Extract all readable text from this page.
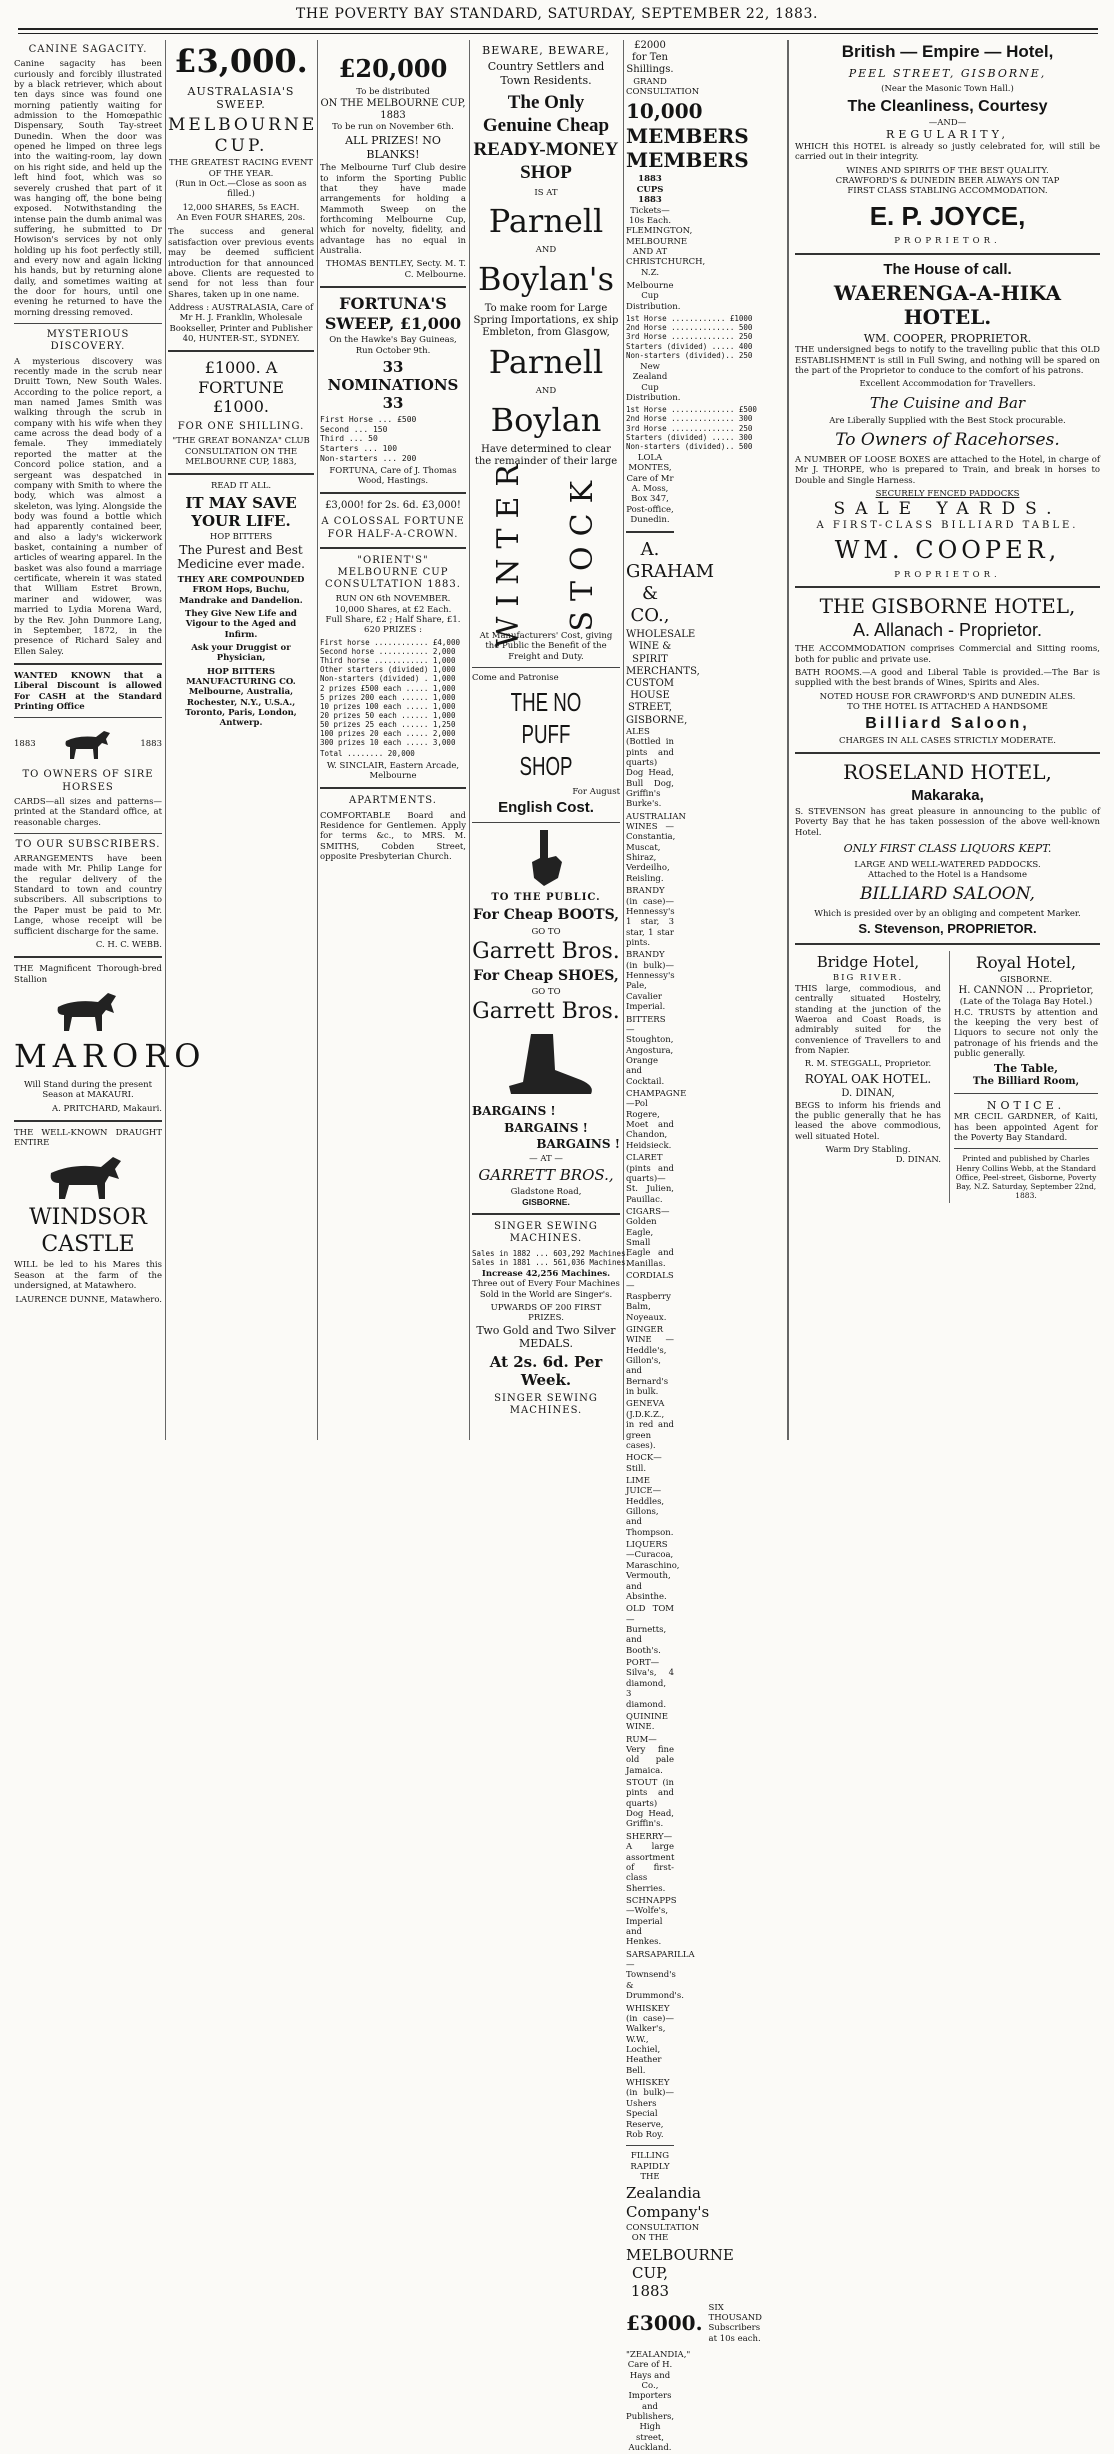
THE POVERTY BAY STANDARD, SATURDAY, SEPTEMBER 22, 1883.
CANINE SAGACITY.

Canine sagacity has been curiously and forcibly illustrated by a black retriever, which about ten days since was found one morning patiently waiting for admission to the Homœpathic Dispensary, South Tay-street Dunedin. When the door was opened he limped on three legs into the waiting-room, lay down on his right side, and held up the left hind foot, which was so severely crushed that part of it was hanging off, the bone being exposed. Notwithstanding the intense pain the dumb animal was suffering, he submitted to Dr Howison's services by not only holding up his foot perfectly still, and every now and again licking his hands, but by returning alone daily, and sometimes waiting at the door for hours, until one evening he returned to have the morning dressing removed.

MYSTERIOUS DISCOVERY.

A mysterious discovery was recently made in the scrub near Druitt Town, New South Wales. According to the police report, a man named James Smith was walking through the scrub in company with his wife when they came across the dead body of a female. They immediately reported the matter at the Concord police station, and a sergeant was despatched in company with Smith to where the body, which was almost a skeleton, was lying. Alongside the body was found a bottle which had apparently contained beer, and also a lady's wickerwork basket, containing a number of articles of wearing apparel. In the basket was also found a marriage certificate, wherein it was stated that William Estret Brown, mariner and widower, was married to Lydia Morena Ward, by the Rev. John Dunmore Lang, in September, 1872, in the presence of Richard Saley and Ellen Saley.

WANTED KNOWN that a Liberal Discount is allowed For CASH at the Standard Printing Office

1883	1883
TO OWNERS OF SIRE HORSES

CARDS—all sizes and patterns—printed at the Standard office, at reasonable charges.

TO OUR SUBSCRIBERS.

ARRANGEMENTS have been made with Mr. Philip Lange for the regular delivery of the Standard to town and country subscribers. All subscriptions to the Paper must be paid to Mr. Lange, whose receipt will be sufficient discharge for the same.

C. H. C. WEBB.

THE Magnificent Thorough-bred Stallion

MARORO

Will Stand during the present Season at MAKAURI.

A. PRITCHARD, Makauri.

THE WELL-KNOWN DRAUGHT ENTIRE

WINDSOR CASTLE

WILL be led to his Mares this Season at the farm of the undersigned, at Matawhero.

LAURENCE DUNNE, Matawhero.
£3,000.
AUSTRALASIA'S SWEEP.
MELBOURNE CUP.
THE GREATEST RACING EVENT OF THE YEAR.
(Run in Oct.—Close as soon as filled.)
12,000 SHARES, 5s EACH.
An Even FOUR SHARES, 20s.

The success and general satisfaction over previous events may be deemed sufficient introduction for that announced above. Clients are requested to send for not less than four Shares, taken up in one name.

Address : AUSTRALASIA, Care of Mr H. J. Franklin, Wholesale Bookseller, Printer and Publisher 40, HUNTER-ST., SYDNEY.

£1000. A FORTUNE £1000.
FOR ONE SHILLING.

"THE GREAT BONANZA" CLUB CONSULTATION ON THE MELBOURNE CUP, 1883,

READ IT ALL.
IT MAY SAVE YOUR LIFE.
HOP BITTERS
The Purest and Best Medicine ever made.
THEY ARE COMPOUNDED FROM Hops, Buchu, Mandrake and Dandelion.
They Give New Life and Vigour to the Aged and Infirm.
Ask your Druggist or Physician,
HOP BITTERS MANUFACTURING CO. Melbourne, Australia, Rochester, N.Y., U.S.A., Toronto, Paris, London, Antwerp.
£20,000
To be distributed
ON THE MELBOURNE CUP, 1883
To be run on November 6th.
ALL PRIZES! NO BLANKS!

The Melbourne Turf Club desire to inform the Sporting Public that they have made arrangements for holding a Mammoth Sweep on the forthcoming Melbourne Cup, which for novelty, fidelity, and advantage has no equal in Australia.

THOMAS BENTLEY, Secty. M. T. C. Melbourne.
FORTUNA'S SWEEP, £1,000
On the Hawke's Bay Guineas, Run October 9th.
33 NOMINATIONS 33
First Horse ... £500
Second ... 150
Third ... 50
Starters ... 100
Non-starters ... 200
FORTUNA, Care of J. Thomas Wood, Hastings.
£3,000! for 2s. 6d. £3,000!
A COLOSSAL FORTUNE FOR HALF-A-CROWN.
"ORIENT'S" MELBOURNE CUP CONSULTATION 1883.
RUN ON 6th NOVEMBER.
10,000 Shares, at £2 Each.
Full Share, £2 ; Half Share, £1.
620 PRIZES :
First horse ............ £4,000
Second horse ........... 2,000
Third horse ............ 1,000
Other starters (divided) 1,000
Non-starters (divided) . 1,000
2 prizes £500 each ..... 1,000
5 prizes 200 each ...... 1,000
10 prizes 100 each ..... 1,000
20 prizes 50 each ...... 1,000
50 prizes 25 each ...... 1,250
100 prizes 20 each ..... 2,000
300 prizes 10 each ..... 3,000
Total ........ 20,000
W. SINCLAIR, Eastern Arcade, Melbourne
APARTMENTS.

COMFORTABLE Board and Residence for Gentlemen. Apply for terms &c., to MRS. M. SMITHS, Cobden Street, opposite Presbyterian Church.

BEWARE, BEWARE,
Country Settlers and Town Residents.
The Only Genuine Cheap READY-MONEY SHOP
IS AT
Parnell
AND
Boylan's

To make room for Large Spring Importations, ex ship Embleton, from Glasgow,

Parnell
AND
Boylan

Have determined to clear the remainder of their large

WINTER STOCK

At Manufacturers' Cost, giving the Public the Benefit of the Freight and Duty.

Come and Patronise
THE NO PUFF SHOP
For August
English Cost.
TO THE PUBLIC.
For Cheap BOOTS,
GO TO
Garrett Bros.
For Cheap SHOES,
GO TO
Garrett Bros.
BARGAINS !
BARGAINS !
BARGAINS !
— AT —
GARRETT BROS.,
Gladstone Road,
GISBORNE.
SINGER SEWING MACHINES.
Sales in 1882 ... 603,292 Machines.
Sales in 1881 ... 561,036 Machines.
Increase 42,256 Machines.

Three out of Every Four Machines Sold in the World are Singer's.

UPWARDS OF 200 FIRST PRIZES.
Two Gold and Two Silver MEDALS.
At 2s. 6d. Per Week.
SINGER SEWING MACHINES.
£2000 for Ten Shillings.
GRAND CONSULTATION
10,000 MEMBERS MEMBERS
1883 CUPS 1883
Tickets—10s Each.
FLEMINGTON, MELBOURNE AND AT CHRISTCHURCH, N.Z.
Melbourne Cup Distribution.
1st Horse ............ £1000
2nd Horse .............. 500
3rd Horse .............. 250
Starters (divided) ..... 400
Non-starters (divided).. 250
New Zealand Cup Distribution.
1st Horse .............. £500
2nd Horse .............. 300
3rd Horse .............. 250
Starters (divided) ..... 300
Non-starters (divided).. 500
LOLA MONTES, Care of Mr A. Moss, Box 347, Post-office, Dunedin.
A. GRAHAM & CO.,
WHOLESALE WINE & SPIRIT MERCHANTS,
CUSTOM HOUSE STREET, GISBORNE,

ALES (Bottled in pints and quarts) Dog Head, Bull Dog, Griffin's Burke's.

AUSTRALIAN WINES — Constantia, Muscat, Shiraz, Verdeilho, Reisling.

BRANDY (in case)—Hennessy's 1 star, 3 star, 1 star pints.

BRANDY (in bulk)—Hennessy's Pale, Cavalier Imperial.

BITTERS—Stoughton, Angostura, Orange and Cocktail.

CHAMPAGNE—Pol Rogere, Moet and Chandon, Heidsieck.

CLARET (pints and quarts)—St. Julien, Pauillac.

CIGARS—Golden Eagle, Small Eagle and Manillas.

CORDIALS—Raspberry Balm, Noyeaux.

GINGER WINE — Heddle's, Gillon's, and Bernard's in bulk.

GENEVA (J.D.K.Z., in red and green cases).

HOCK—Still.

LIME JUICE—Heddles, Gillons, and Thompson.

LIQUERS—Curacoa, Maraschino, Vermouth, and Absinthe.

OLD TOM—Burnetts, and Booth's.

PORT—Silva's, 4 diamond, 3 diamond.

QUININE WINE.

RUM—Very fine old pale Jamaica.

STOUT (in pints and quarts) Dog Head, Griffin's.

SHERRY—A large assortment of first-class Sherries.

SCHNAPPS—Wolfe's, Imperial and Henkes.

SARSAPARILLA—Townsend's & Drummond's.

WHISKEY (in case)—Walker's, W.W., Lochiel, Heather Bell.

WHISKEY (in bulk)—Ushers Special Reserve, Rob Roy.

FILLING RAPIDLY
THE
Zealandia Company's
CONSULTATION ON THE
MELBOURNE CUP, 1883
£3000.
SIX THOUSAND Subscribers at 10s each.

"ZEALANDIA," Care of H. Hays and Co., Importers and Publishers, High street, Auckland.

British — Empire — Hotel,
PEEL STREET, GISBORNE,
(Near the Masonic Town Hall.)
The Cleanliness, Courtesy
—AND—
REGULARITY,

WHICH this HOTEL is already so justly celebrated for, will still be carried out in their integrity.

WINES AND SPIRITS OF THE BEST QUALITY.
CRAWFORD'S & DUNEDIN BEER ALWAYS ON TAP
FIRST CLASS STABLING ACCOMMODATION.
E. P. JOYCE,
PROPRIETOR.
The House of call.
WAERENGA-A-HIKA HOTEL.
WM. COOPER, PROPRIETOR.

THE undersigned begs to notify to the travelling public that this OLD ESTABLISHMENT is still in Full Swing, and nothing will be spared on the part of the Proprietor to conduce to the comfort of his patrons.

Excellent Accommodation for Travellers.
The Cuisine and Bar
Are Liberally Supplied with the Best Stock procurable.
To Owners of Racehorses.

A NUMBER OF LOOSE BOXES are attached to the Hotel, in charge of Mr J. THORPE, who is prepared to Train, and break in horses to Double and Single Harness.

SECURELY FENCED PADDOCKS
SALE YARDS.
A FIRST-CLASS BILLIARD TABLE.
WM. COOPER,
PROPRIETOR.
THE GISBORNE HOTEL,
A. Allanach - Proprietor.

THE ACCOMMODATION comprises Commercial and Sitting rooms, both for public and private use.

BATH ROOMS.—A good and Liberal Table is provided.—The Bar is supplied with the best brands of Wines, Spirits and Ales.

NOTED HOUSE FOR CRAWFORD'S AND DUNEDIN ALES.
TO THE HOTEL IS ATTACHED A HANDSOME
Billiard Saloon,
CHARGES IN ALL CASES STRICTLY MODERATE.
ROSELAND HOTEL,
Makaraka,

S. STEVENSON has great pleasure in announcing to the public of Poverty Bay that he has taken possession of the above well-known Hotel.

ONLY FIRST CLASS LIQUORS KEPT.
LARGE AND WELL-WATERED PADDOCKS.
Attached to the Hotel is a Handsome
BILLIARD SALOON,
Which is presided over by an obliging and competent Marker.
S. Stevenson, PROPRIETOR.
Bridge Hotel,
BIG RIVER.

THIS large, commodious, and centrally situated Hostelry, standing at the junction of the Waerоa and Coast Roads, is admirably suited for the convenience of Travellers to and from Napier.

R. M. STEGGALL, Proprietor.
ROYAL OAK HOTEL.
D. DINAN,

BEGS to inform his friends and the public generally that he has leased the above commodious, well situated Hotel.

Warm Dry Stabling.
D. DINAN.
Royal Hotel,
GISBORNE.
H. CANNON ... Proprietor,
(Late of the Tolaga Bay Hotel.)

H.C. TRUSTS by attention and the keeping the very best of Liquors to secure not only the patronage of his friends and the public generally.

The Table,
The Billiard Room,
NOTICE.

MR CECIL GARDNER, of Kaiti, has been appointed Agent for the Poverty Bay Standard.

Printed and published by Charles Henry Collins Webb, at the Standard Office, Peel-street, Gisborne, Poverty Bay, N.Z. Saturday, September 22nd, 1883.
